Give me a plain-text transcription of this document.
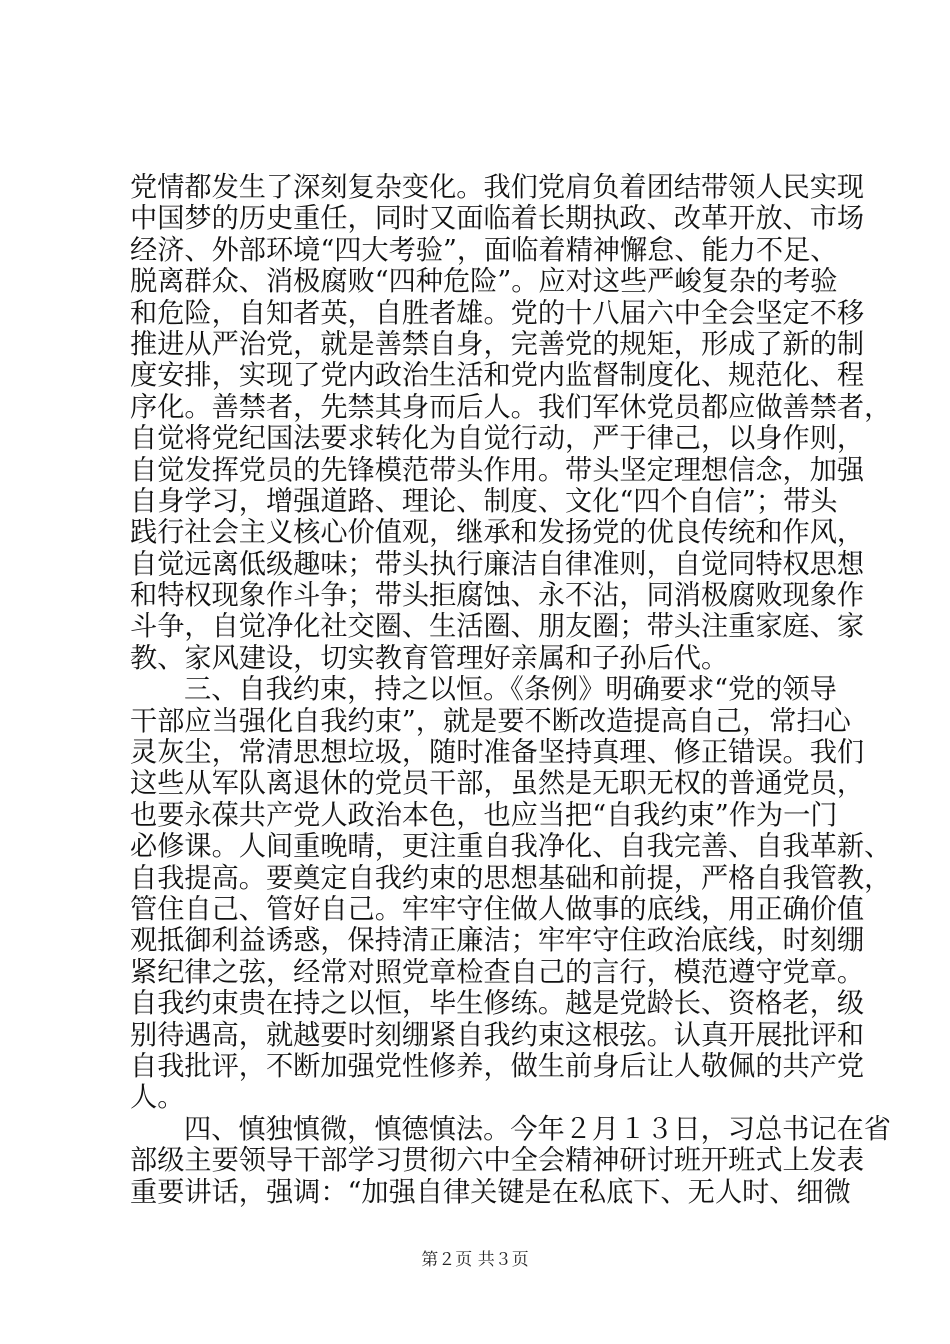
党情都发生了深刻复杂变化。我们党肩负着团结带领人民实现
中国梦的历史重任，同时又面临着长期执政、改革开放、市场
经济、外部环境“四大考验”，面临着精神懈怠、能力不足、
脱离群众、消极腐败“四种危险”。应对这些严峻复杂的考验
和危险，自知者英，自胜者雄。党的十八届六中全会坚定不移
推进从严治党，就是善禁自身，完善党的规矩，形成了新的制
度安排，实现了党内政治生活和党内监督制度化、规范化、程
序化。善禁者，先禁其身而后人。我们军休党员都应做善禁者，
自觉将党纪国法要求转化为自觉行动，严于律己，以身作则，
自觉发挥党员的先锋模范带头作用。带头坚定理想信念，加强
自身学习，增强道路、理论、制度、文化“四个自信”；带头
践行社会主义核心价值观，继承和发扬党的优良传统和作风，
自觉远离低级趣味；带头执行廉洁自律准则，自觉同特权思想
和特权现象作斗争；带头拒腐蚀、永不沾，同消极腐败现象作
斗争，自觉净化社交圈、生活圈、朋友圈；带头注重家庭、家
教、家风建设，切实教育管理好亲属和子孙后代。
三、自我约束，持之以恒。《条例》明确要求“党的领导
干部应当强化自我约束”，就是要不断改造提高自己，常扫心
灵灰尘，常清思想垃圾，随时准备坚持真理、修正错误。我们
这些从军队离退休的党员干部，虽然是无职无权的普通党员，
也要永葆共产党人政治本色，也应当把“自我约束”作为一门
必修课。人间重晚晴，更注重自我净化、自我完善、自我革新、
自我提高。要奠定自我约束的思想基础和前提，严格自我管教，
管住自己、管好自己。牢牢守住做人做事的底线，用正确价值
观抵御利益诱惑，保持清正廉洁；牢牢守住政治底线，时刻绷
紧纪律之弦，经常对照党章检查自己的言行，模范遵守党章。
自我约束贵在持之以恒，毕生修练。越是党龄长、资格老，级
别待遇高，就越要时刻绷紧自我约束这根弦。认真开展批评和
自我批评，不断加强党性修养，做生前身后让人敬佩的共产党
人。
四、慎独慎微，慎德慎法。今年２月１３日，习总书记在省
部级主要领导干部学习贯彻六中全会精神研讨班开班式上发表
重要讲话，强调：“加强自律关键是在私底下、无人时、细微
第２页 共３页
